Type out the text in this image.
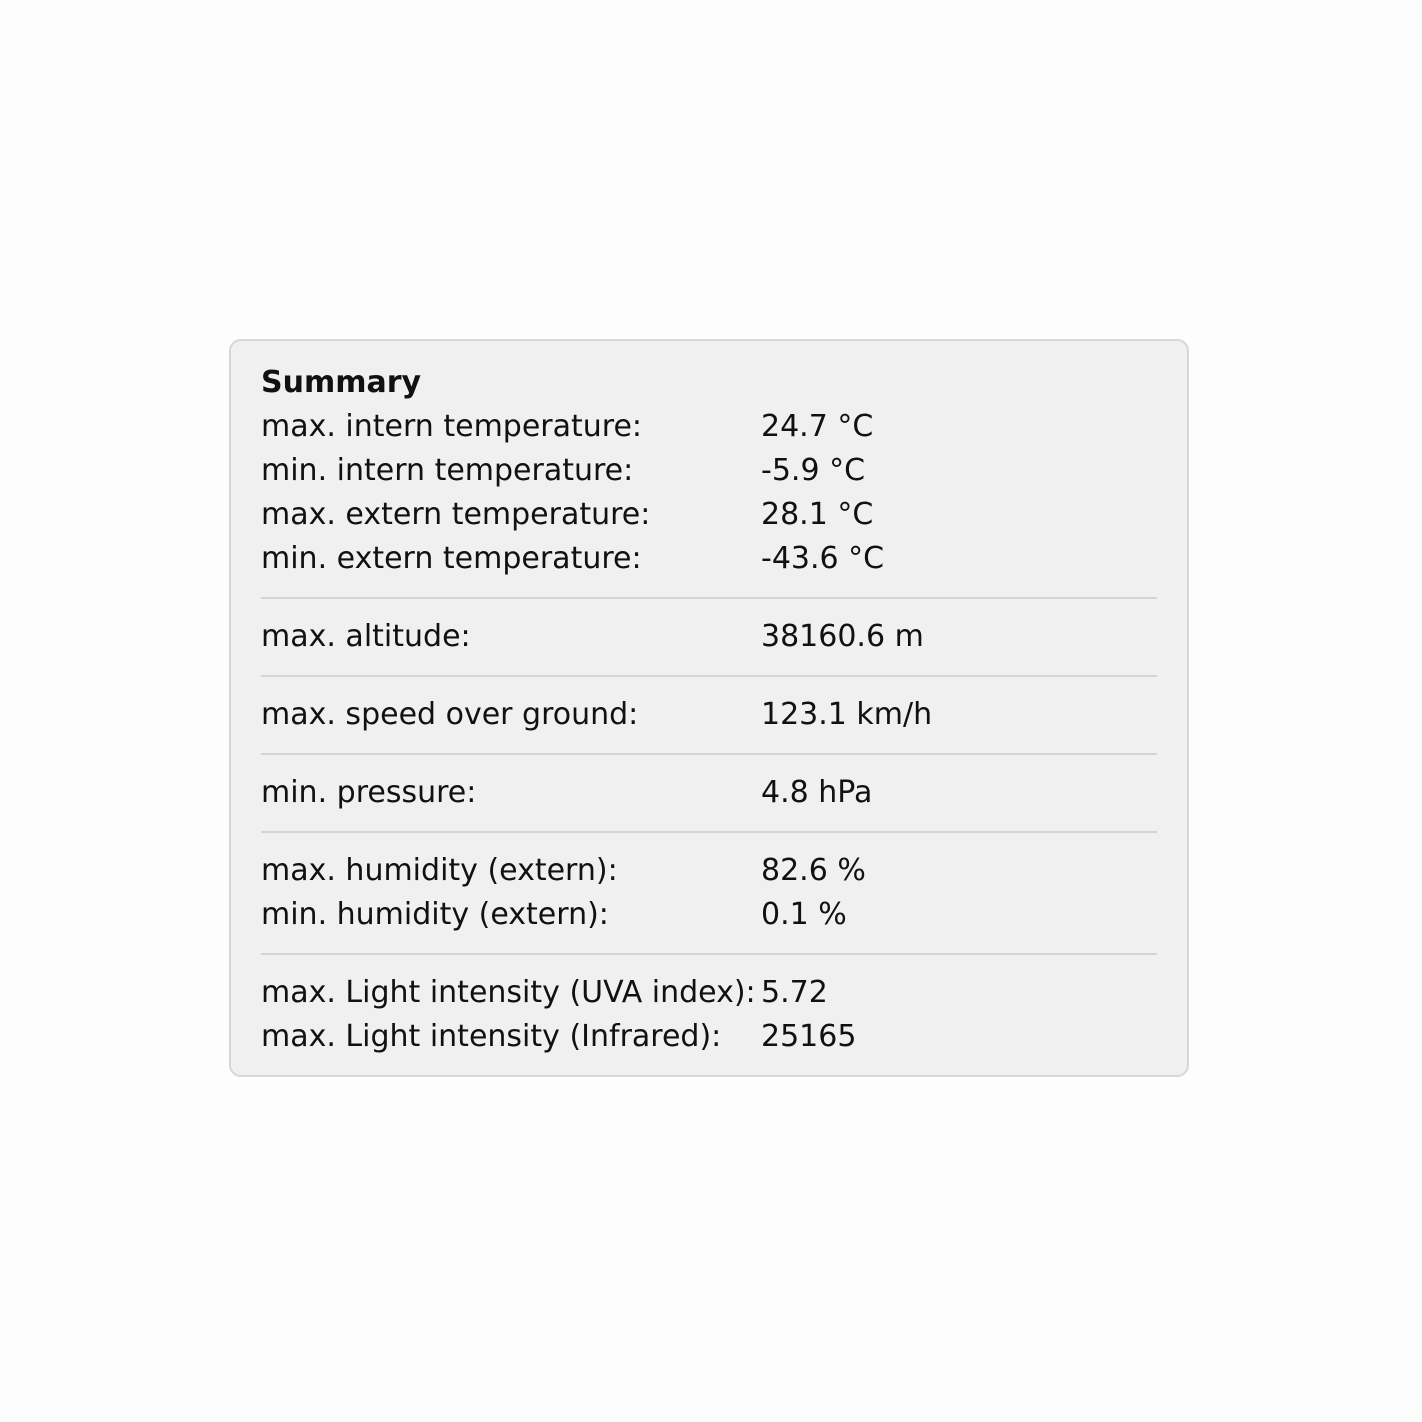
Summary
max. intern temperature:	24.7 °C
min. intern temperature:	-5.9 °C
max. extern temperature:	28.1 °C
min. extern temperature:	-43.6 °C
max. altitude:	38160.6 m
max. speed over ground:	123.1 km/h
min. pressure:	4.8 hPa
max. humidity (extern):	82.6 %
min. humidity (extern):	0.1 %
max. Light intensity (UVA index): 5.72
max. Light intensity (Infrared):	25165
